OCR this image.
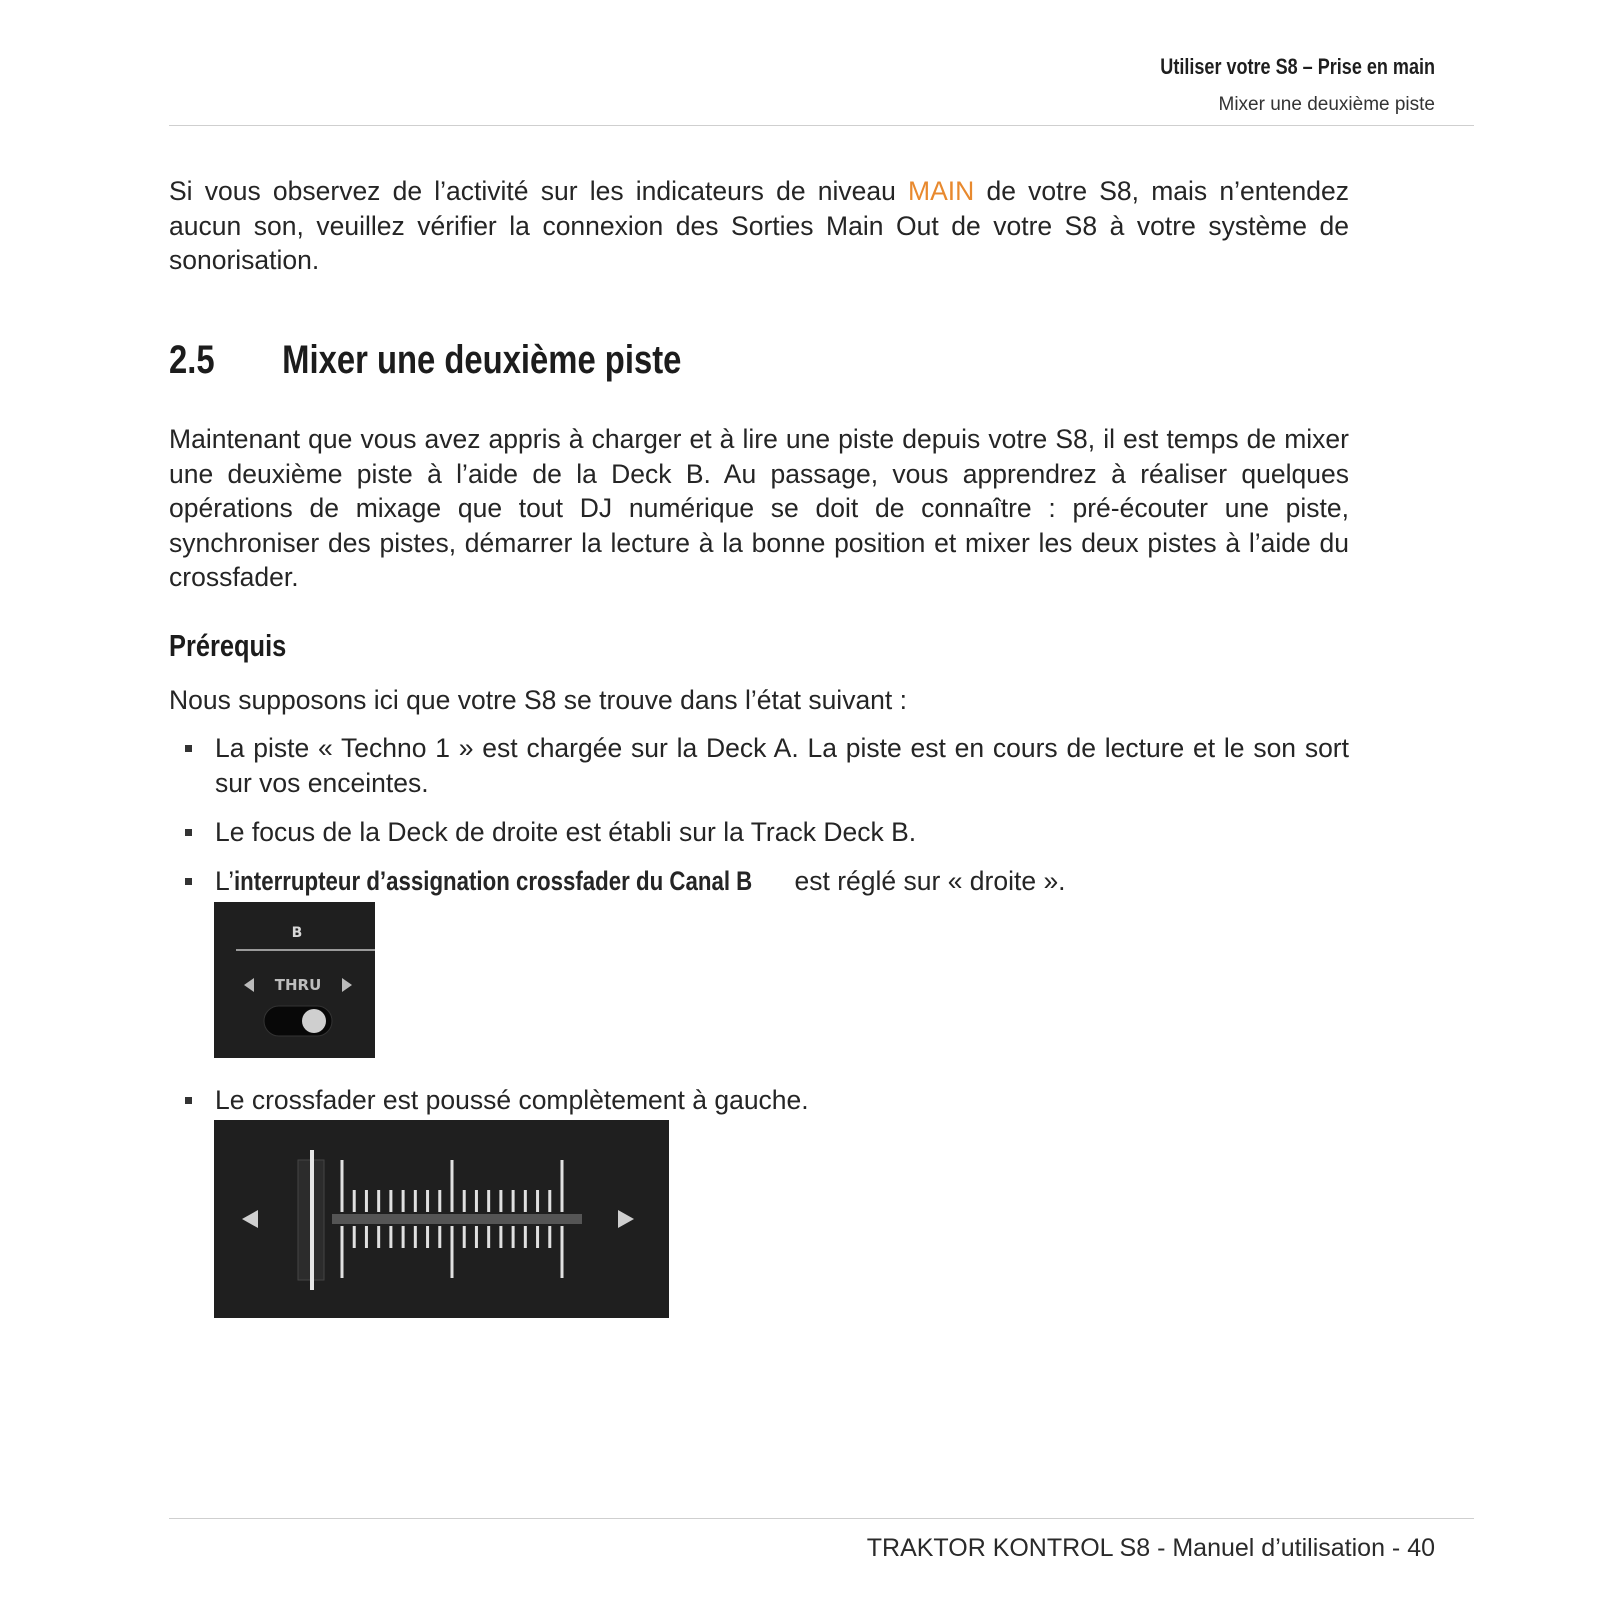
Utiliser votre S8 – Prise en main
Mixer une deuxième piste
Si vous observez de l’activité sur les indicateurs de niveau MAIN de votre S8, mais n’entendez aucun son, veuillez vérifier la connexion des Sorties Main Out de votre S8 à votre système de sonorisation.
2.5 Mixer une deuxième piste
Maintenant que vous avez appris à charger et à lire une piste depuis votre S8, il est temps de mixer une deuxième piste à l’aide de la Deck B. Au passage, vous apprendrez à réaliser quelques opérations de mixage que tout DJ numérique se doit de connaître : pré-écouter une piste, synchroniser des pistes, démarrer la lecture à la bonne position et mixer les deux pistes à l’aide du crossfader.
Prérequis
Nous supposons ici que votre S8 se trouve dans l’état suivant :
La piste « Techno 1 » est chargée sur la Deck A. La piste est en cours de lecture et le son sort sur vos enceintes.
Le focus de la Deck de droite est établi sur la Track Deck B.
L’interrupteur d’assignation crossfader du Canal B est réglé sur « droite ».
B
THRU
Le crossfader est poussé complètement à gauche.
TRAKTOR KONTROL S8 - Manuel d’utilisation - 40
